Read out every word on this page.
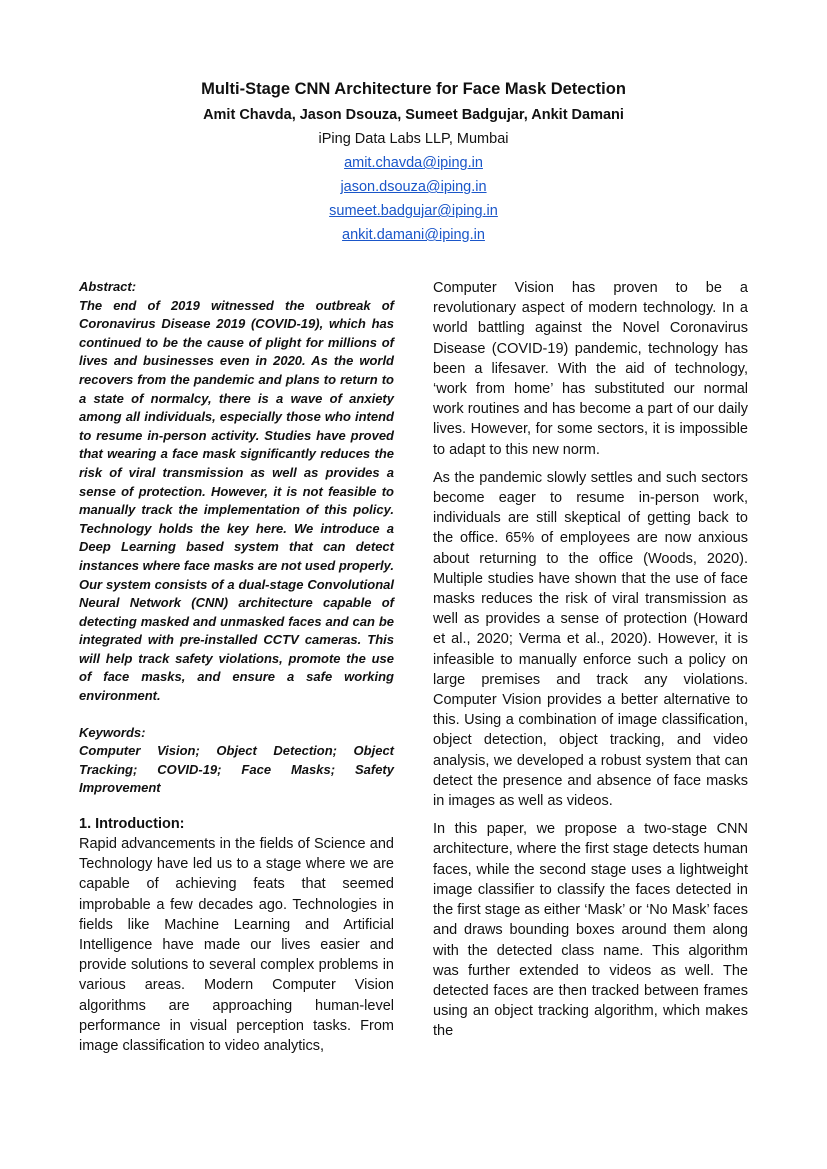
Multi-Stage CNN Architecture for Face Mask Detection
Amit Chavda, Jason Dsouza, Sumeet Badgujar, Ankit Damani
iPing Data Labs LLP, Mumbai
amit.chavda@iping.in
jason.dsouza@iping.in
sumeet.badgujar@iping.in
ankit.damani@iping.in
Abstract:

The end of 2019 witnessed the outbreak of Coronavirus Disease 2019 (COVID-19), which has continued to be the cause of plight for millions of lives and businesses even in 2020. As the world recovers from the pandemic and plans to return to a state of normalcy, there is a wave of anxiety among all individuals, especially those who intend to resume in-person activity. Studies have proved that wearing a face mask significantly reduces the risk of viral transmission as well as provides a sense of protection. However, it is not feasible to manually track the implementation of this policy. Technology holds the key here. We introduce a Deep Learning based system that can detect instances where face masks are not used properly. Our system consists of a dual-stage Convolutional Neural Network (CNN) architecture capable of detecting masked and unmasked faces and can be integrated with pre-installed CCTV cameras. This will help track safety violations, promote the use of face masks, and ensure a safe working environment.

Keywords:

Computer Vision; Object Detection; Object Tracking; COVID-19; Face Masks; Safety Improvement

1. Introduction:

Rapid advancements in the fields of Science and Technology have led us to a stage where we are capable of achieving feats that seemed improbable a few decades ago. Technologies in fields like Machine Learning and Artificial Intelligence have made our lives easier and provide solutions to several complex problems in various areas. Modern Computer Vision algorithms are approaching human-level performance in visual perception tasks. From image classification to video analytics,

Computer Vision has proven to be a revolutionary aspect of modern technology. In a world battling against the Novel Coronavirus Disease (COVID-19) pandemic, technology has been a lifesaver. With the aid of technology, ‘work from home’ has substituted our normal work routines and has become a part of our daily lives. However, for some sectors, it is impossible to adapt to this new norm.

As the pandemic slowly settles and such sectors become eager to resume in-person work, individuals are still skeptical of getting back to the office. 65% of employees are now anxious about returning to the office (Woods, 2020). Multiple studies have shown that the use of face masks reduces the risk of viral transmission as well as provides a sense of protection (Howard et al., 2020; Verma et al., 2020). However, it is infeasible to manually enforce such a policy on large premises and track any violations. Computer Vision provides a better alternative to this. Using a combination of image classification, object detection, object tracking, and video analysis, we developed a robust system that can detect the presence and absence of face masks in images as well as videos.

In this paper, we propose a two-stage CNN architecture, where the first stage detects human faces, while the second stage uses a lightweight image classifier to classify the faces detected in the first stage as either ‘Mask’ or ‘No Mask’ faces and draws bounding boxes around them along with the detected class name. This algorithm was further extended to videos as well. The detected faces are then tracked between frames using an object tracking algorithm, which makes the
